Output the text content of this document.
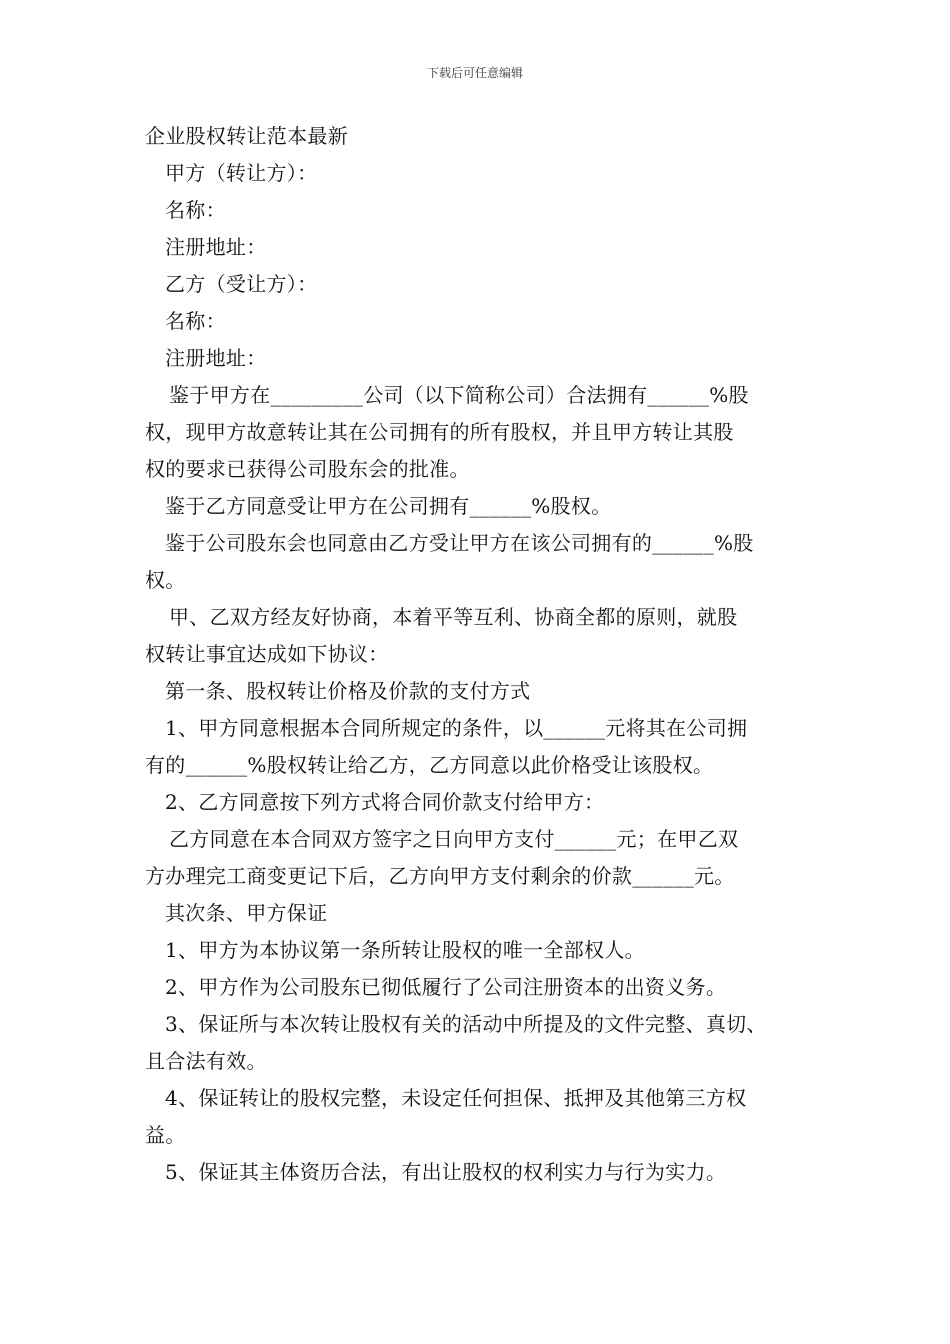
下载后可任意编辑
企业股权转让范本最新
甲方（转让方）：
名称：
注册地址：
乙方（受让方）：
名称：
注册地址：
鉴于甲方在_________公司（以下简称公司）合法拥有______%股
权，现甲方故意转让其在公司拥有的所有股权，并且甲方转让其股
权的要求已获得公司股东会的批准。
鉴于乙方同意受让甲方在公司拥有______%股权。
鉴于公司股东会也同意由乙方受让甲方在该公司拥有的______%股
权。
甲、乙双方经友好协商，本着平等互利、协商全都的原则，就股
权转让事宜达成如下协议：
第一条、股权转让价格及价款的支付方式
1、甲方同意根据本合同所规定的条件，以______元将其在公司拥
有的______%股权转让给乙方，乙方同意以此价格受让该股权。
2、乙方同意按下列方式将合同价款支付给甲方：
乙方同意在本合同双方签字之日向甲方支付______元；在甲乙双
方办理完工商变更记下后，乙方向甲方支付剩余的价款______元。
其次条、甲方保证
1、甲方为本协议第一条所转让股权的唯一全部权人。
2、甲方作为公司股东已彻低履行了公司注册资本的出资义务。
3、保证所与本次转让股权有关的活动中所提及的文件完整、真切、
且合法有效。
4、保证转让的股权完整，未设定任何担保、抵押及其他第三方权
益。
5、保证其主体资历合法，有出让股权的权利实力与行为实力。
